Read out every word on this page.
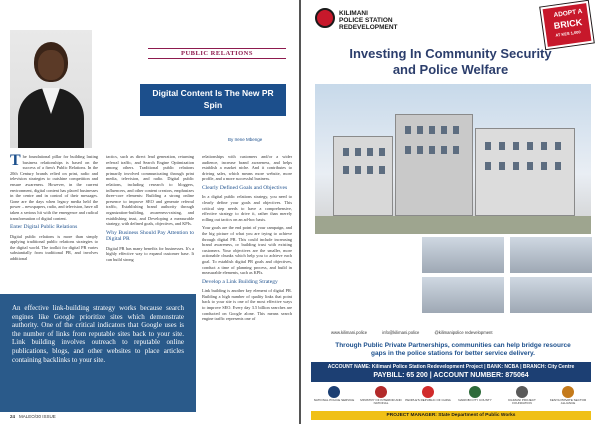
PUBLIC RELATIONS
Digital Content Is The New PR Spin
By Irene Mbenge

The foundational pillar for building lasting business relationships is based on the success of a firm's Public Relations. In the 20th Century brands relied on print, radio and television strategies to outshine competition and ensure awareness. However, in the current environment, digital content has placed businesses in the centre and in control of their messages. Gone are the days when legacy media held the power – newspapers, radio, and television, have all taken a serious hit with the emergence and radical transformation of digital content.

Enter Digital Public Relations

Digital public relations is more than simply applying traditional public relations strategies to the digital world. The toolkit for digital PR varies substantially from traditional PR, and involves additional

tactics, such as direct lead generation, returning referral traffic, and Search Engine Optimization among others. Traditional public relations primarily involved communicating through print media, television, and radio. Digital public relations, including research to bloggers, influencers, and other content creators, emphasizes three-core elements: Building a strong online presence to improve SEO and generate referral traffic, Establishing brand authority through organization-building, awareness-raising, and establishing trust, and Developing a measurable strategy, with defined goals, objectives, and KPIs.

Why Business Should Pay Attention to Digital PR

Digital PR has many benefits for businesses. It's a highly effective way to expand customer base. It can build strong

relationships with customers and/or a wider audience, increase brand awareness, and helps establish a market niche. And it contributes to driving sales, which means more website, more profile, and a more successful business.

Clearly Defined Goals and Objectives

In a digital public relations strategy, you need to clearly define your goals and objectives. This critical step needs to have a comprehensive, effective strategy to drive it, rather than merely rolling out tactics on an ad-hoc basis.

Your goals are the end point of your campaign, and the big picture of what you are trying to achieve through digital PR. This could include increasing brand awareness, or building trust with existing customers. Your objectives are the smaller, more actionable chunks which help you to achieve each goal. To establish digital PR goals and objectives, conduct a time of planning process, and build in measurable elements, such as KPIs.

Develop a Link Building Strategy

Link building is another key element of digital PR. Building a high number of quality links that point back to your site is one of the most effective ways to improve SEO. Every day 3.5 billion searches are conducted on Google alone. This means search engine traffic represents one of

An effective link-building strategy works because search engines like Google prioritize sites which demonstrate authority. One of the critical indicators that Google uses is the number of links from reputable sites back to your site. Link building involves outreach to reputable online publications, blogs, and other websites to place articles containing backlinks to your site.

24 MALEO/30 ISSUE
KILIMANI
POLICE STATION
REDEVELOPMENT
ADOPT A
BRICK
AT KES 1,000
Investing In Community Security
and Police Welfare
www.kilimani.police	info@kilimani.police	@kilimanipolice redevelopment
Through Public Private Partnerships, communities can help bridge resource
gaps in the police stations for better service delivery.
ACCOUNT NAME: Kilimani Police Station Redevelopment Project | BANK: NCBA | BRANCH: City Centre
PAYBILL: 65 200 | ACCOUNT NUMBER: 875064
NATIONAL POLICE SERVICE	MINISTRY OF INTERIOR AND NATIONAL
PEOPLE'S REPUBLIC OF CHINA	NAIROBI CITY COUNTY	KILIMANI PROJECT FOUNDATION
KENYA PRIVATE SECTOR ALLIANCE
PROJECT MANAGER: State Department of Public Works
